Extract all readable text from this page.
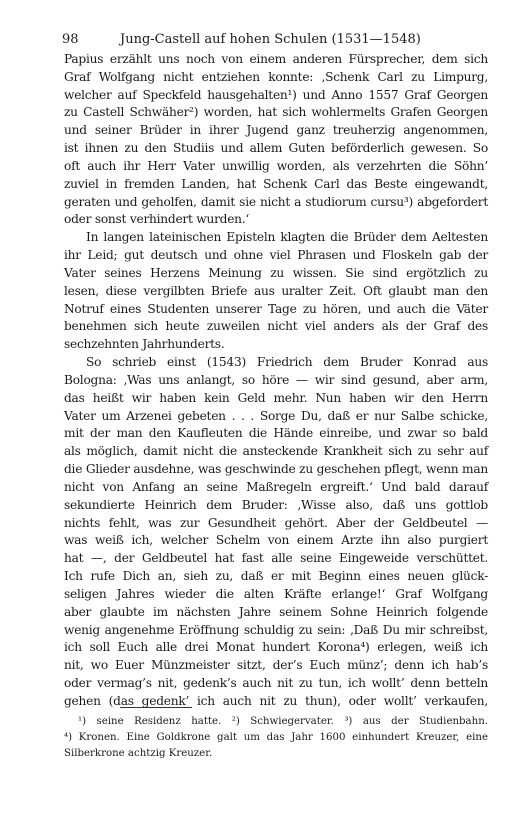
98	Jung-Castell auf hohen Schulen (1531—1548)
Papius erzählt uns noch von einem anderen Fürsprecher, dem sich
Graf Wolfgang nicht entziehen konnte: ‚Schenk Carl zu Limpurg,
welcher auf Speckfeld hausgehalten¹) und Anno 1557 Graf Georgen
zu Castell Schwäher²) worden, hat sich wohlermelts Grafen Georgen
und seiner Brüder in ihrer Jugend ganz treuherzig angenommen,
ist ihnen zu den Studiis und allem Guten beförderlich gewesen. So
oft auch ihr Herr Vater unwillig worden, als verzehrten die Söhn’
zuviel in fremden Landen, hat Schenk Carl das Beste eingewandt,
geraten und geholfen, damit sie nicht a studiorum cursu³) abgefordert
oder sonst verhindert wurden.‘
In langen lateinischen Episteln klagten die Brüder dem Aeltesten
ihr Leid; gut deutsch und ohne viel Phrasen und Floskeln gab der
Vater seines Herzens Meinung zu wissen. Sie sind ergötzlich zu
lesen, diese vergilbten Briefe aus uralter Zeit. Oft glaubt man den
Notruf eines Studenten unserer Tage zu hören, und auch die Väter
benehmen sich heute zuweilen nicht viel anders als der Graf des
sechzehnten Jahrhunderts.
So schrieb einst (1543) Friedrich dem Bruder Konrad aus
Bologna: ‚Was uns anlangt, so höre — wir sind gesund, aber arm,
das heißt wir haben kein Geld mehr. Nun haben wir den Herrn
Vater um Arzenei gebeten . . . Sorge Du, daß er nur Salbe schicke,
mit der man den Kaufleuten die Hände einreibe, und zwar so bald
als möglich, damit nicht die ansteckende Krankheit sich zu sehr auf
die Glieder ausdehne, was geschwinde zu geschehen pflegt, wenn man
nicht von Anfang an seine Maßregeln ergreift.‘ Und bald darauf
sekundierte Heinrich dem Bruder: ‚Wisse also, daß uns gottlob
nichts fehlt, was zur Gesundheit gehört. Aber der Geldbeutel —
was weiß ich, welcher Schelm von einem Arzte ihn also purgiert
hat —, der Geldbeutel hat fast alle seine Eingeweide verschüttet.
Ich rufe Dich an, sieh zu, daß er mit Beginn eines neuen glück-
seligen Jahres wieder die alten Kräfte erlange!‘ Graf Wolfgang
aber glaubte im nächsten Jahre seinem Sohne Heinrich folgende
wenig angenehme Eröffnung schuldig zu sein: ‚Daß Du mir schreibst,
ich soll Euch alle drei Monat hundert Korona⁴) erlegen, weiß ich
nit, wo Euer Münzmeister sitzt, der’s Euch münz’; denn ich hab’s
oder vermag’s nit, gedenk’s auch nit zu tun, ich wollt’ denn betteln
gehen (das gedenk’ ich auch nit zu thun), oder wollt’ verkaufen,
¹) seine Residenz hatte. ²) Schwiegervater. ³) aus der Studienbahn.
⁴) Kronen. Eine Goldkrone galt um das Jahr 1600 einhundert Kreuzer, eine
Silberkrone achtzig Kreuzer.
